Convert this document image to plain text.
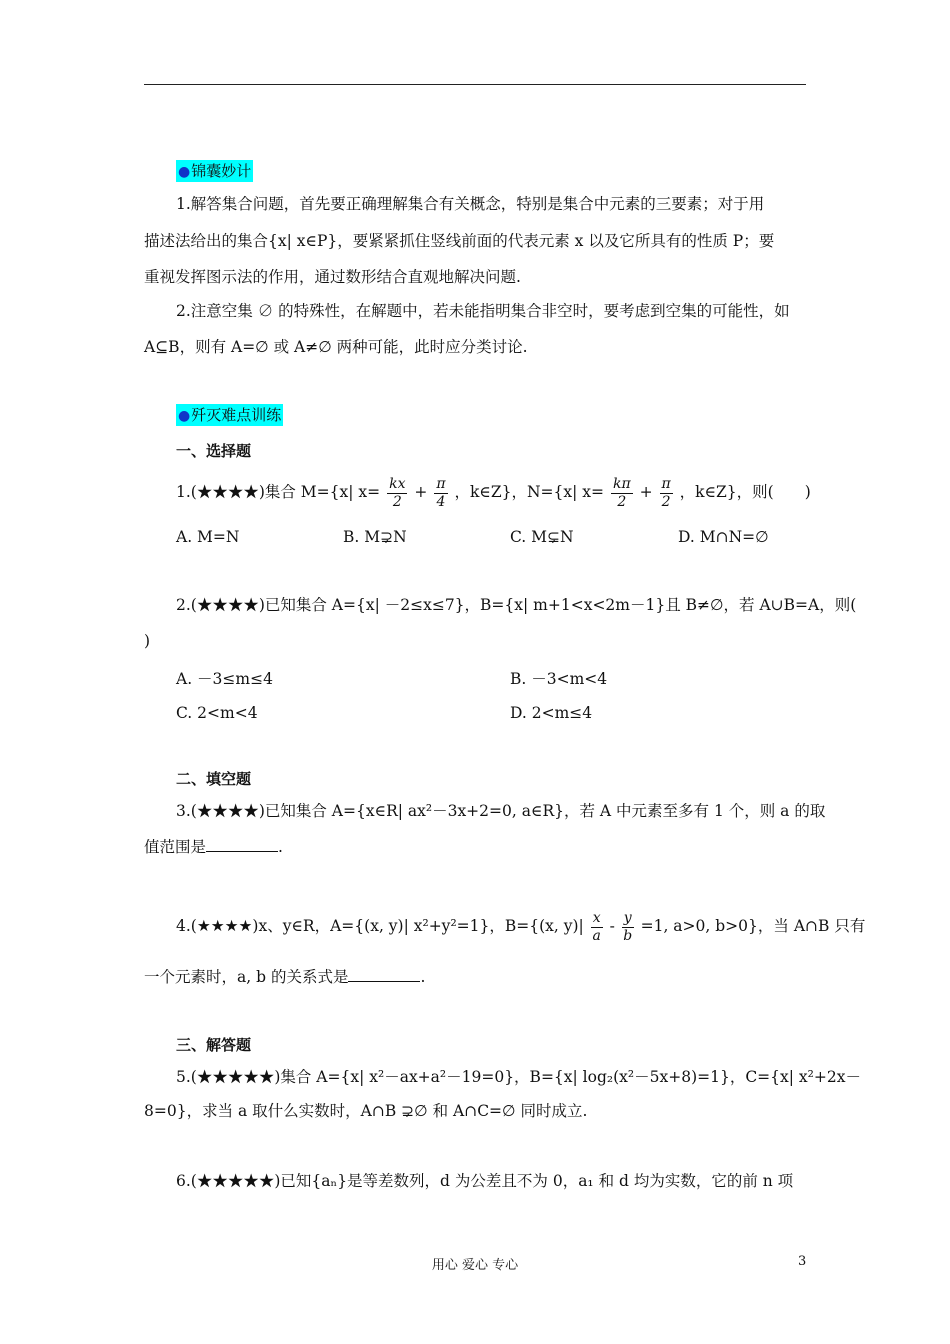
●锦囊妙计
1.解答集合问题，首先要正确理解集合有关概念，特别是集合中元素的三要素；对于用
描述法给出的集合{x| x∈P}，要紧紧抓住竖线前面的代表元素 x 以及它所具有的性质 P；要
重视发挥图示法的作用，通过数形结合直观地解决问题.
2.注意空集 ∅ 的特殊性，在解题中，若未能指明集合非空时，要考虑到空集的可能性，如
A⊆B，则有 A=∅ 或 A≠∅ 两种可能，此时应分类讨论.
●歼灭难点训练
一、选择题
1.(★★★★)集合 M={x| $x= \frac{kx}{2} + \frac{\pi}{4}$ ，k∈Z}，N={x| $x= \frac{k\pi}{2} + \frac{\pi}{2}$ ，k∈Z}，则(　　)
A. M=N	B. M⊋N	C. M⊊N	D. M∩N=∅
2.(★★★★)已知集合 A={x| －2≤x≤7}，B={x| m+1<x<2m－1}且 B≠∅，若 A∪B=A，则(
)
A. －3≤m≤4	B. －3<m<4
C. 2<m<4	D. 2<m≤4
二、填空题
3.(★★★★)已知集合 A={x∈R| ax²－3x+2=0, a∈R}，若 A 中元素至多有 1 个，则 a 的取
值范围是	.
4.(★★★★)x、y∈R，A={(x, y)| x²+y²=1}，B={(x, $y)| \frac{x}{a} - \frac{y}{b} =1$, a>0, b>0}，当 A∩B 只有
一个元素时，a, b 的关系式是	.
三、解答题
5.(★★★★★)集合 A={x| x²－ax+a²－19=0}，B={x| log₂(x²－5x+8)=1}，C={x| x²+2x－
8=0}，求当 a 取什么实数时，A∩B ⊋∅ 和 A∩C=∅ 同时成立.
6.(★★★★★)已知{aₙ}是等差数列，d 为公差且不为 0，a₁ 和 d 均为实数，它的前 n 项
用心 爱心 专心	3
